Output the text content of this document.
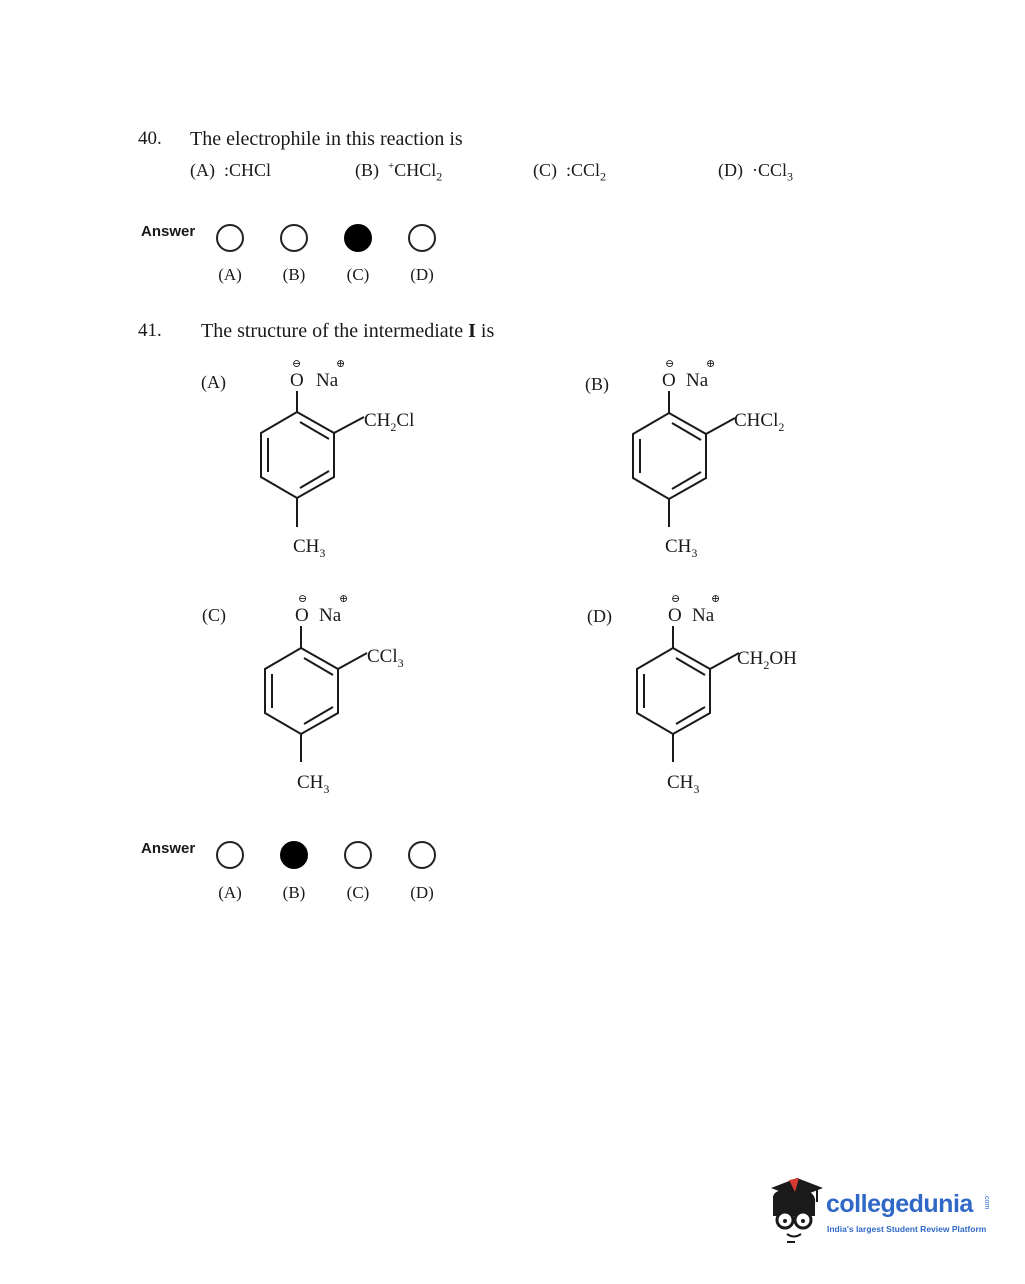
40. The electrophile in this reaction is
(A) :CHCl	(B) +CHCl$_2$	(C) :CCl$_2$	(D) ·CCl$_3$
Answer
(A)	(B)	(C)	(D)
41. The structure of the intermediate I is
(A)	(B)
(C)	(D)
⊖	⊕
O Na
$CH_2Cl$
$CH_3$
⊖	⊕
O Na
CHCl$_2$
$CH_3$
⊖	⊕
O Na
CCl$_3$
$CH_3$
⊖	⊕
O Na
$CH_2OH$
$CH_3$
Answer
(A)	(B)	(C)	(D)
collegedunia .com
India's largest Student Review Platform
